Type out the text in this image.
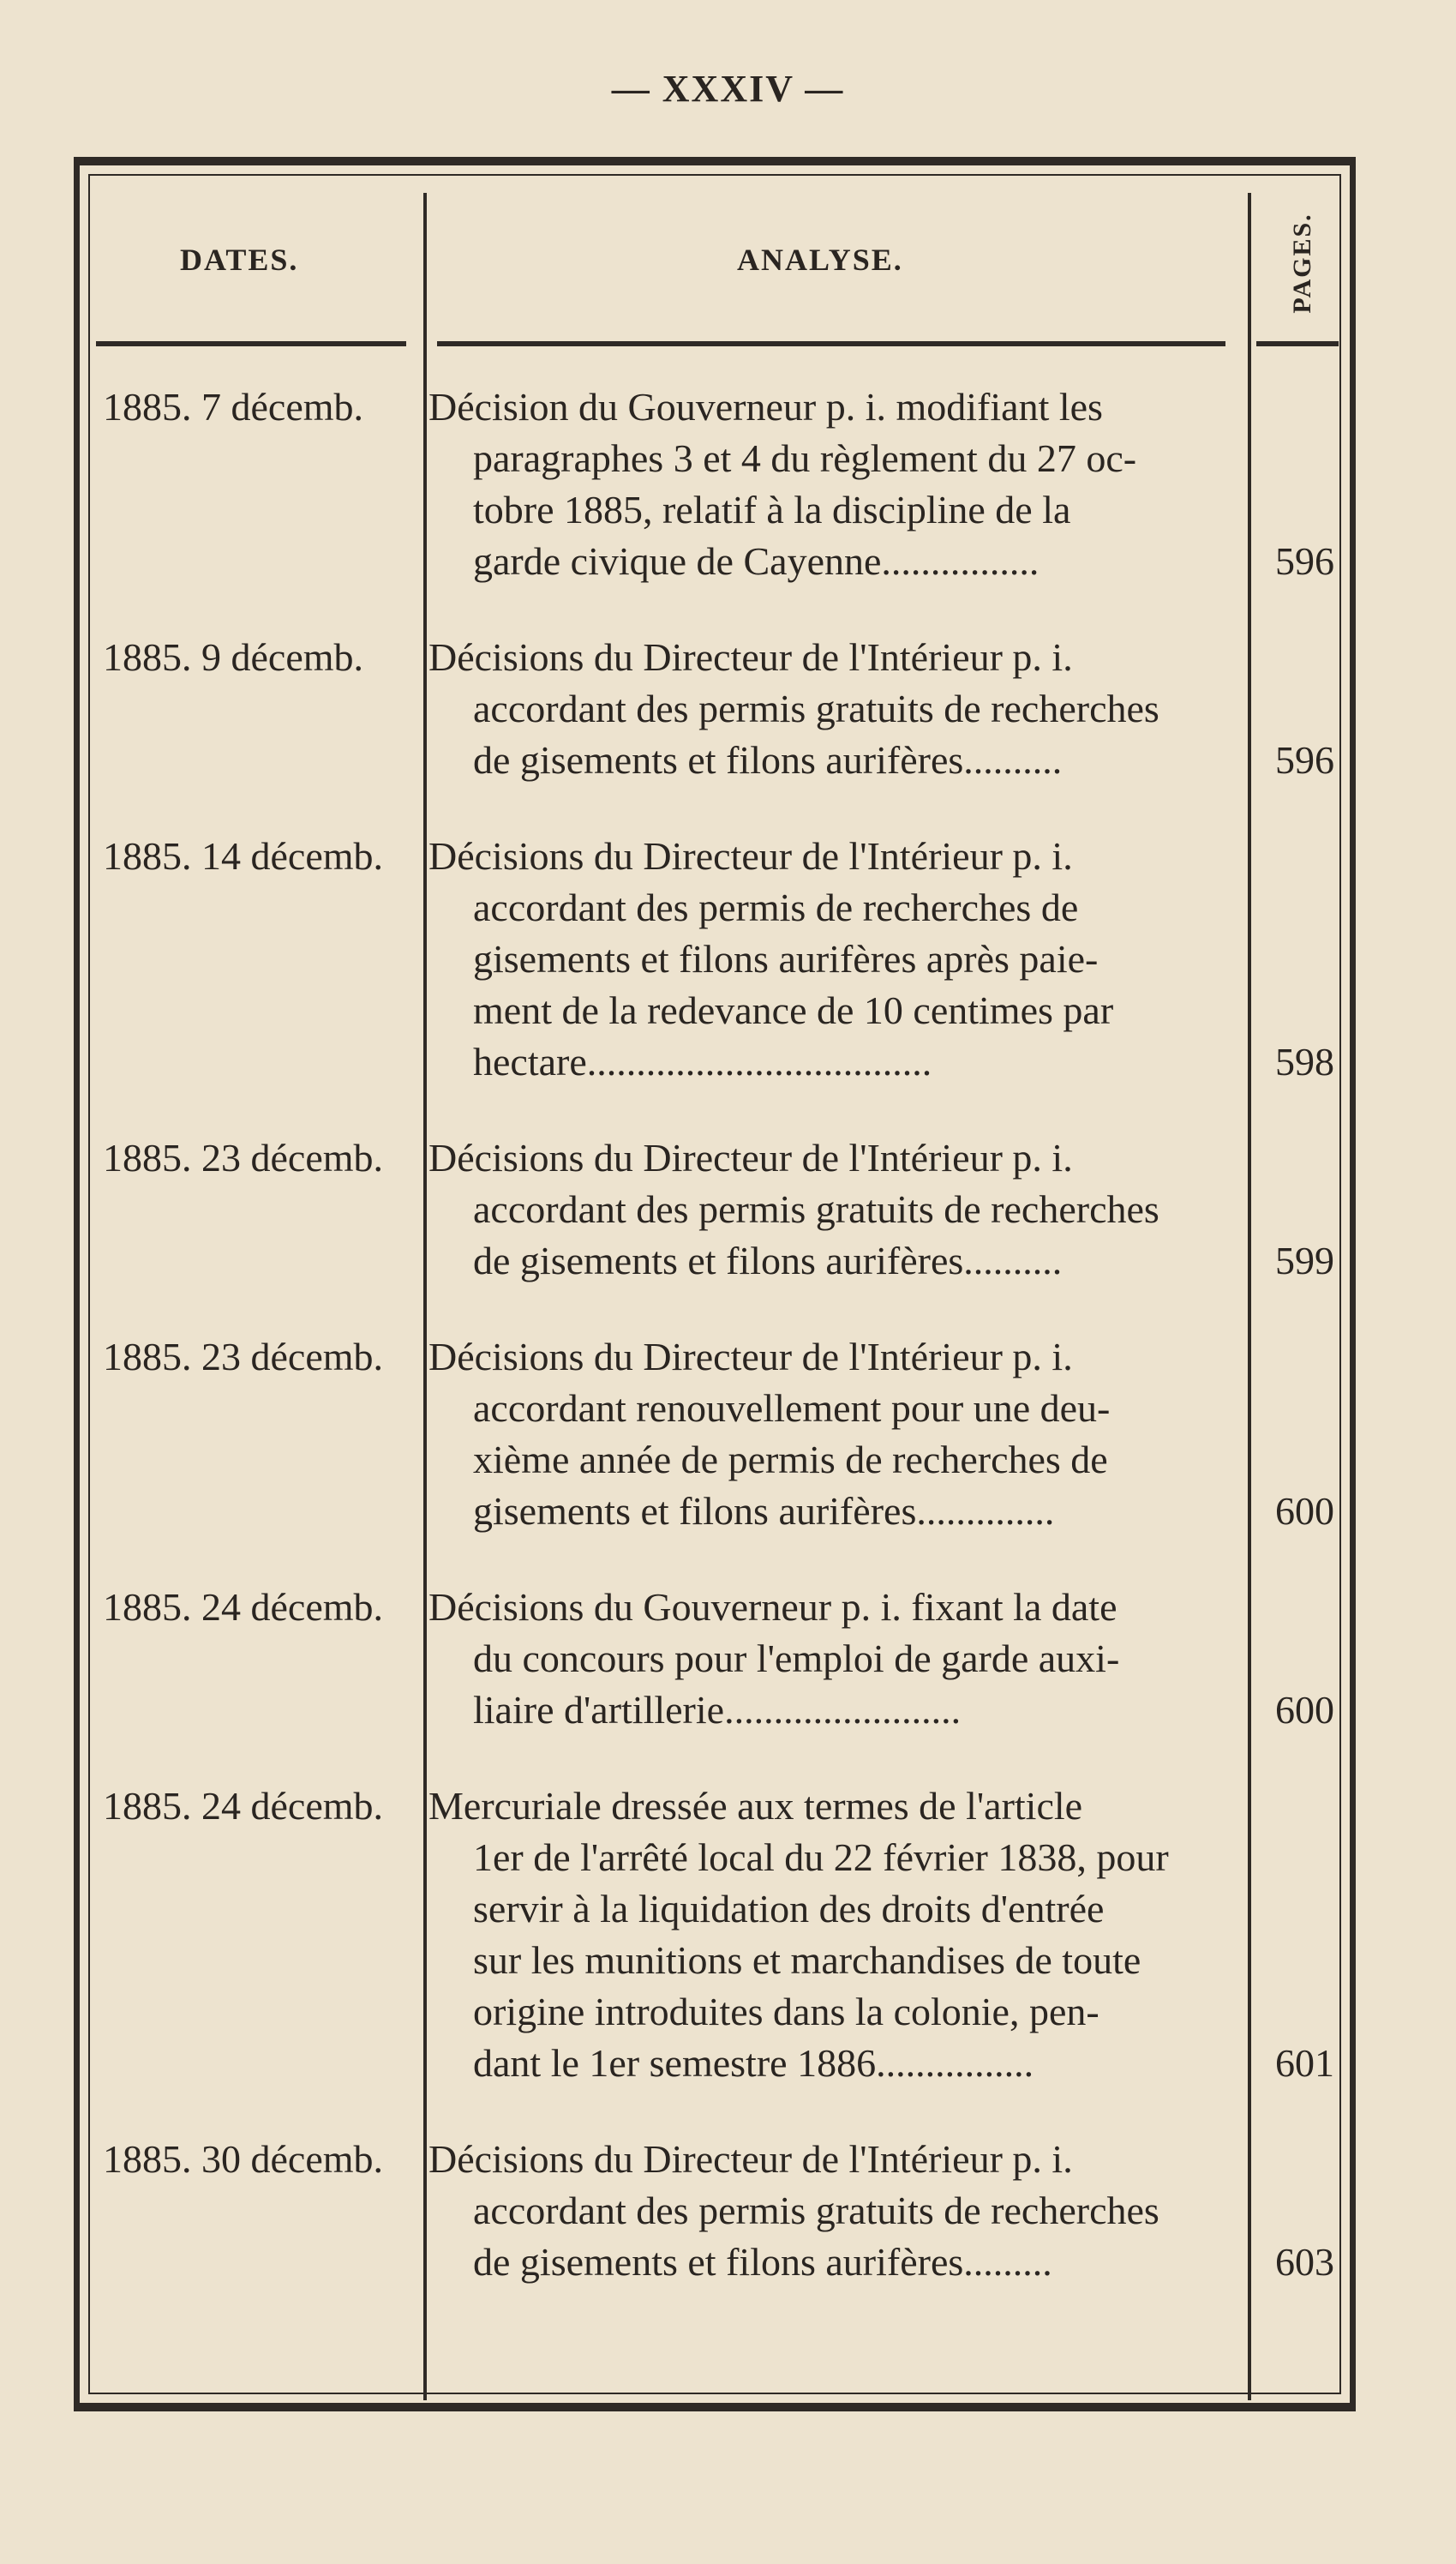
— XXXIV —
DATES.	ANALYSE.	PAGES.
1885. 7 décemb.	Décision du Gouverneur p. i. modifiant les
paragraphes 3 et 4 du règlement du 27 oc-
tobre 1885, relatif à la discipline de la
garde civique de Cayenne................	596
1885. 9 décemb.	Décisions du Directeur de l'Intérieur p. i.
accordant des permis gratuits de recherches
de gisements et filons aurifères..........	596
1885. 14 décemb.	Décisions du Directeur de l'Intérieur p. i.
accordant des permis de recherches de
gisements et filons aurifères après paie-
ment de la redevance de 10 centimes par
hectare...................................	598
1885. 23 décemb.	Décisions du Directeur de l'Intérieur p. i.
accordant des permis gratuits de recherches
de gisements et filons aurifères..........	599
1885. 23 décemb.	Décisions du Directeur de l'Intérieur p. i.
accordant renouvellement pour une deu-
xième année de permis de recherches de
gisements et filons aurifères..............	600
1885. 24 décemb.	Décisions du Gouverneur p. i. fixant la date
du concours pour l'emploi de garde auxi-
liaire d'artillerie........................	600
1885. 24 décemb.	Mercuriale dressée aux termes de l'article
1er de l'arrêté local du 22 février 1838, pour
servir à la liquidation des droits d'entrée
sur les munitions et marchandises de toute
origine introduites dans la colonie, pen-
dant le 1er semestre 1886................	601
1885. 30 décemb.	Décisions du Directeur de l'Intérieur p. i.
accordant des permis gratuits de recherches
de gisements et filons aurifères.........	603
